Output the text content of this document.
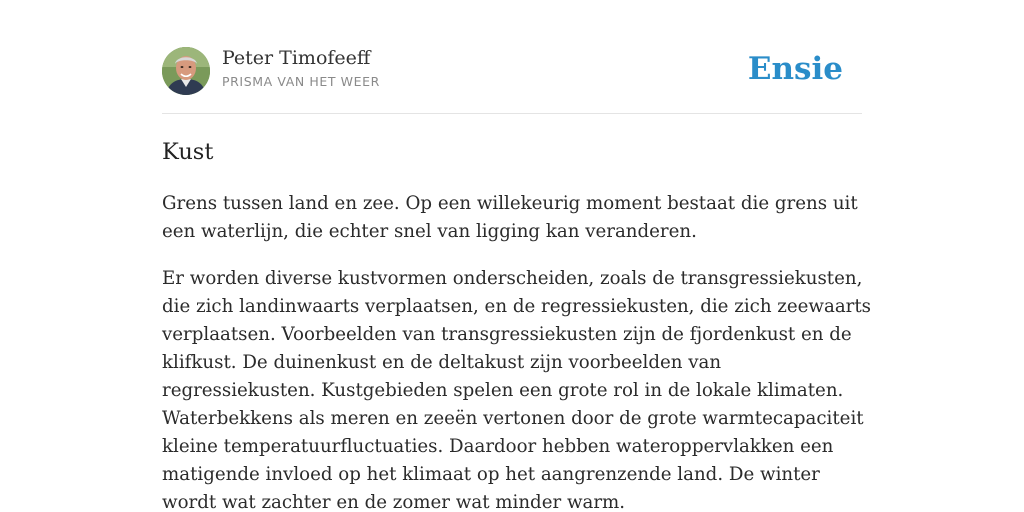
Peter Timofeeff
PRISMA VAN HET WEER	Ensie
Kust

Grens tussen land en zee. Op een willekeurig moment bestaat die grens uit een waterlijn, die echter snel van ligging kan veranderen.

Er worden diverse kustvormen onderscheiden, zoals de transgressiekusten, die zich landinwaarts verplaatsen, en de regressiekusten, die zich zeewaarts verplaatsen. Voorbeelden van transgressiekusten zijn de fjordenkust en de klifkust. De duinenkust en de deltakust zijn voorbeelden van regressiekusten. Kustgebieden spelen een grote rol in de lokale klimaten. Waterbekkens als meren en zeeën vertonen door de grote warmtecapaciteit kleine temperatuurfluctuaties. Daardoor hebben wateroppervlakken een matigende invloed op het klimaat op het aangrenzende land. De winter wordt wat zachter en de zomer wat minder warm.
